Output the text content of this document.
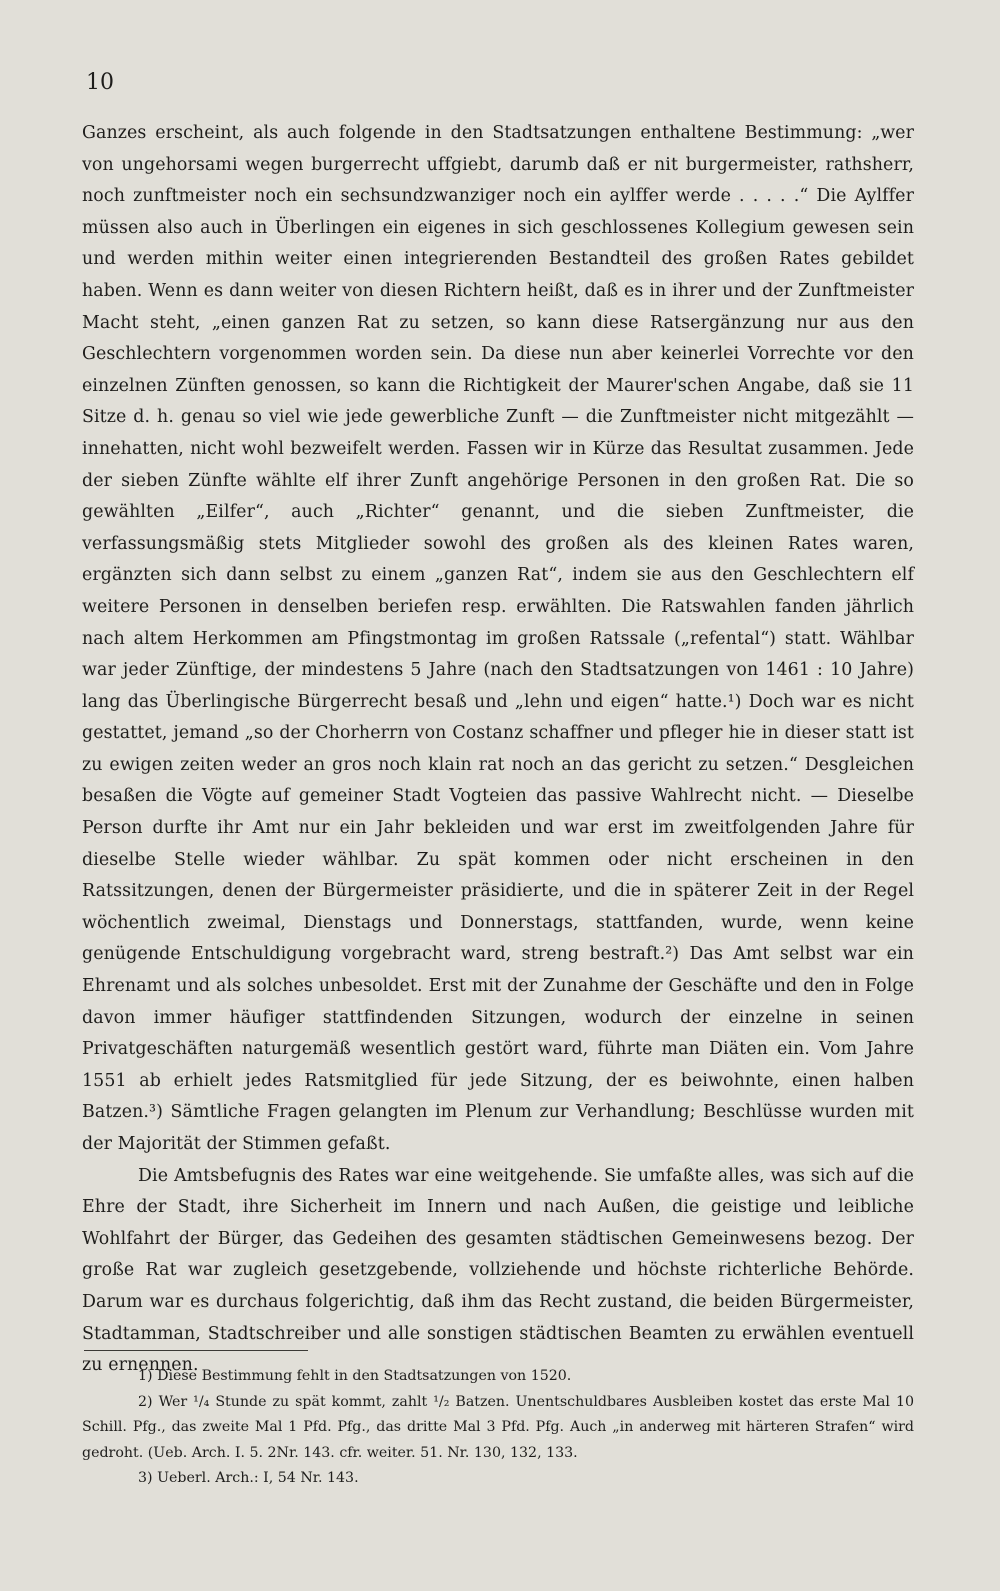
10

Ganzes erscheint, als auch folgende in den Stadtsatzungen enthaltene Bestimmung: „wer von ungehorsami wegen burgerrecht uffgiebt, darumb daß er nit burgermeister, rathsherr, noch zunftmeister noch ein sechsundzwanziger noch ein aylffer werde . . . . .“ Die Aylffer müssen also auch in Überlingen ein eigenes in sich geschlossenes Kollegium gewesen sein und werden mithin weiter einen integrierenden Bestandteil des großen Rates gebildet haben. Wenn es dann weiter von diesen Richtern heißt, daß es in ihrer und der Zunftmeister Macht steht, „einen ganzen Rat zu setzen, so kann diese Ratsergänzung nur aus den Geschlechtern vorgenommen worden sein. Da diese nun aber keinerlei Vorrechte vor den einzelnen Zünften genossen, so kann die Richtigkeit der Maurer'schen Angabe, daß sie 11 Sitze d. h. genau so viel wie jede gewerbliche Zunft — die Zunftmeister nicht mitgezählt — innehatten, nicht wohl bezweifelt werden. Fassen wir in Kürze das Resultat zusammen. Jede der sieben Zünfte wählte elf ihrer Zunft angehörige Personen in den großen Rat. Die so gewählten „Eilfer“, auch „Richter“ genannt, und die sieben Zunftmeister, die verfassungsmäßig stets Mitglieder sowohl des großen als des kleinen Rates waren, ergänzten sich dann selbst zu einem „ganzen Rat“, indem sie aus den Geschlechtern elf weitere Personen in denselben beriefen resp. erwählten. Die Ratswahlen fanden jährlich nach altem Herkommen am Pfingstmontag im großen Ratssale („refental“) statt. Wählbar war jeder Zünftige, der mindestens 5 Jahre (nach den Stadtsatzungen von 1461 : 10 Jahre) lang das Überlingische Bürgerrecht besaß und „lehn und eigen“ hatte.¹) Doch war es nicht gestattet, jemand „so der Chorherrn von Costanz schaffner und pfleger hie in dieser statt ist zu ewigen zeiten weder an gros noch klain rat noch an das gericht zu setzen.“ Desgleichen besaßen die Vögte auf gemeiner Stadt Vogteien das passive Wahlrecht nicht. — Dieselbe Person durfte ihr Amt nur ein Jahr bekleiden und war erst im zweitfolgenden Jahre für dieselbe Stelle wieder wählbar. Zu spät kommen oder nicht erscheinen in den Ratssitzungen, denen der Bürgermeister präsidierte, und die in späterer Zeit in der Regel wöchentlich zweimal, Dienstags und Donnerstags, stattfanden, wurde, wenn keine genügende Entschuldigung vorgebracht ward, streng bestraft.²) Das Amt selbst war ein Ehrenamt und als solches unbesoldet. Erst mit der Zunahme der Geschäfte und den in Folge davon immer häufiger stattfindenden Sitzungen, wodurch der einzelne in seinen Privatgeschäften naturgemäß wesentlich gestört ward, führte man Diäten ein. Vom Jahre 1551 ab erhielt jedes Ratsmitglied für jede Sitzung, der es beiwohnte, einen halben Batzen.³) Sämtliche Fragen gelangten im Plenum zur Verhandlung; Beschlüsse wurden mit der Majorität der Stimmen gefaßt.

Die Amtsbefugnis des Rates war eine weitgehende. Sie umfaßte alles, was sich auf die Ehre der Stadt, ihre Sicherheit im Innern und nach Außen, die geistige und leibliche Wohlfahrt der Bürger, das Gedeihen des gesamten städtischen Gemeinwesens bezog. Der große Rat war zugleich gesetzgebende, vollziehende und höchste richterliche Behörde. Darum war es durchaus folgerichtig, daß ihm das Recht zustand, die beiden Bürgermeister, Stadtamman, Stadtschreiber und alle sonstigen städtischen Beamten zu erwählen eventuell zu ernennen.

1) Diese Bestimmung fehlt in den Stadtsatzungen von 1520.

2) Wer ¹/₄ Stunde zu spät kommt, zahlt ¹/₂ Batzen. Unentschuldbares Ausbleiben kostet das erste Mal 10 Schill. Pfg., das zweite Mal 1 Pfd. Pfg., das dritte Mal 3 Pfd. Pfg. Auch „in anderweg mit härteren Strafen“ wird gedroht. (Ueb. Arch. I. 5. 2Nr. 143. cfr. weiter. 51. Nr. 130, 132, 133.

3) Ueberl. Arch.: I, 54 Nr. 143.
